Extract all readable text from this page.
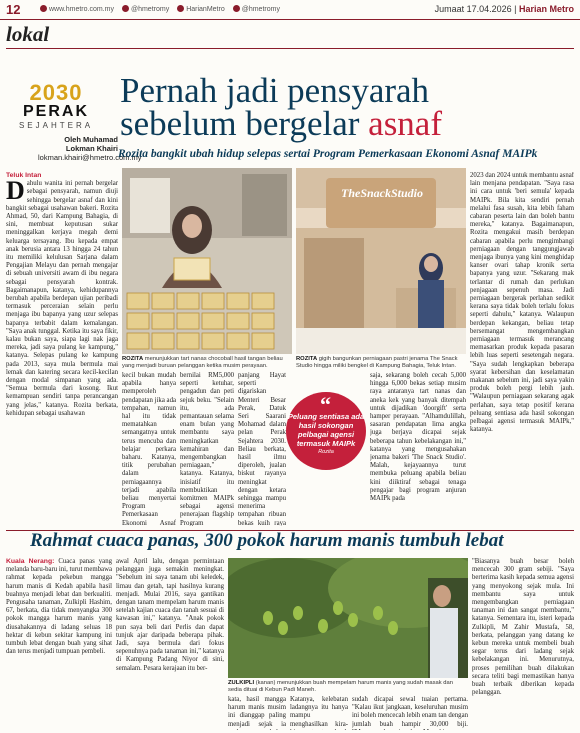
12	www.hmetro.com.my	@hmetromy	HarianMetro	@hmetromy	Jumaat 17.04.2026 | Harian Metro
lokal
2030
PERAK
SEJAHTERA
Oleh Muhamad
Lokman Khairi
lokman.khairi@hmetro.com.my
Pernah jadi pensyarah
sebelum bergelar asnaf
Rozita bangkit ubah hidup selepas sertai Program Pemerkasaan Ekonomi Asnaf MAIPk
Teluk Intan
D ahulu wanita ini pernah bergelar sebagai pensyarah, namun diuji sehingga bergelar asnaf dan kini bangkit sebagai usahawan bakeri. Rozita Ahmad, 50, dari Kampung Bahagia, di sini, membuat keputusan sukar meninggalkan kerjaya megah demi keluarga tersayang. Ibu kepada empat anak berusia antara 13 hingga 24 tahun itu memiliki kelulusan Sarjana dalam Pengajian Melayu dan pernah mengajar di sebuah universiti awam di ibu negara sebagai pensyarah kontrak. Bagaimanapun, katanya, kehidupannya berubah apabila berdepan ujian peribadi termasuk perceraian selain perlu menjaga ibu bapanya yang uzur selepas bapanya terbabit dalam kemalangan. "Saya anak tunggal. Ketika itu saya fikir, kalau bukan saya, siapa lagi nak jaga mereka, jadi saya pulang ke kampung," katanya. Selepas pulang ke kampung pada 2013, saya mula bermula mai lemak dan katering secara kecil-kecilan dengan modal simpanan yang ada. "Semua bermula dari kosong. Ikut kemampuan sendiri tanpa perancangan yang jelas," katanya. Rozita berkata, kehidupan sebagai usahawan
ROZITA menunjukkan tart nanas chocoball hasil tangan beliau yang menjadi buruan pelanggan ketika musim perayaan.
TheSnackStudio
ROZITA gigih bangunkan perniagaan pastri jenama The Snack Studio hingga miliki bengkel di Kampung Bahagia, Teluk Intan.
kecil bukan mudah apabila hanya memperoleh pendapatan jika ada tempahan, namun hal itu tidak mematahkan semangatnya untuk terus mencuba dan belajar perkara baharu. Katanya, titik perubahan dalam perniagaannya terjadi apabila beliau menyertai Program Pemerkasaan Ekonomi Asnaf
bernilai RM5,000 seperti ketuhar, pengadun dan peti sejuk beku. "Selain itu, ada pemantauan selama enam bulan yang membantu saya meningkatkan kemahiran dan mengembangkan perniagaan," katanya. Katanya, inisiatif itu membuktikan komitmen MAIPk sebagai agensi penerajaan flagship Program
panjang Hayat seperti digariskan Menteri Besar Perak, Datuk Seri Saarani Mohamad dalam pelan Perak Sejahtera 2030. Beliau berkata, hasil ilmu diperoleh, jualan biskut rayanya meningkat dengan ketara sehingga mampu menerima tempahan ribuan bekas kuih raya
saja, sekarang boleh cecah 5,000 hingga 6,000 bekas setiap musim raya antaranya tart nanas dan aneka kek yang banyak ditempah untuk dijadikan 'doorgift' serta hamper perayaan. "Alhamdulillah, sasaran pendapatan lima angka juga berjaya dicapai sejak beberapa tahun kebelakangan ini," katanya yang mengusahakan jenama bakeri 'The Snack Studio'. Malah, kejayaannya turut membuka peluang apabila beliau kini diiktiraf sebagai tenaga pengajar bagi program anjuran MAIPk pada
“
Peluang sentiasa ada hasil sokongan pelbagai agensi termasuk MAIPk
Rozita
2023 dan 2024 untuk membantu asnaf lain menjana pendapatan. "Saya rasa ini cara untuk 'beri semula' kepada MAIPk. Bila kita sendiri pernah melalui fasa susah, kita lebih faham cabaran peserta lain dan boleh bantu mereka," katanya. Bagaimanapun, Rozita mengakui masih berdepan cabaran apabila perlu mengimbangi perniagaan dengan tanggungjawab menjaga ibunya yang kini menghidap kanser ovari tahap kronik serta bapanya yang uzur. "Sekarang mak terlantar di rumah dan perlukan penjagaan sepenuh masa. Jadi perniagaan bergerak perlahan sedikit kerana saya tidak boleh terlalu fokus seperti dahulu," katanya. Walaupun berdepan kekangan, beliau tetap bersemangat mengembangkan perniagaan termasuk merancang memasarkan produk kepada pasaran lebih luas seperti sesetengah negara. "Saya sudah lengkapkan beberapa syarat kebersihan dan keselamatan makanan sebelum ini, jadi saya yakin produk boleh pergi lebih jauh. "Walaupun perniagaan sekarang agak perlahan, saya tetap positif kerana peluang sentiasa ada hasil sokongan pelbagai agensi termasuk MAIPk," katanya.
Rahmat cuaca panas, 300 pokok harum manis tumbuh lebat
Kuala Nerang: Cuaca panas yang melanda baru-baru ini, turut membawa rahmat kepada pekebun mangga harum manis di Kedah apabila hasil buahnya menjadi lebat dan berkualiti. Pengusaha tanaman, Zulkipli Hashim, 67, berkata, dia tidak menyangka 300 pokok mangga harum manis yang diusahakannya di ladang seluas 18 hektar di kebun sekitar kampung ini tumbuh lebat dengan buah yang sihat dan terus menjadi tumpuan pembeli.
awal April lalu, dengan permintaan pelanggan juga semakin meningkat. "Sebelum ini saya tanam ubi keledek, limau dan getah, tapi hasilnya kurang menjadi. Mulai 2016, saya gantikan dengan tanam mempelam harum manis setelah kajian cuaca dan tanah sesuai di kawasan ini," katanya. "Anak pokok pun saya beli dari Perlis dan dapat tunjuk ajar daripada beberapa pihak. Jadi, saya bermula dari fokus sepenuhnya pada tanaman ini," katanya di Kampung Padang Niyor di sini, semalam. Pesara kerajaan itu ber-
ZULKIPLI (kanan) menunjukkan buah mempelam harum manis yang sudah masak dan sedia dituai di Kebun Padi Maneh.
kata, hasil mangga harum manis musim ini dianggap paling menjadi sejak ia
Katanya, kelebatan ladangnya itu hanya mampu menghasilkan kira-
"Biasanya buah besar boleh mencecah 300 gram sebiji. "Saya berterima kasih kepada semua agensi yang menyokong sejak mula. Ini membantu saya untuk mengembangkan perniagaan tanaman ini dan sangat membantu," katanya. Sementara itu, isteri kepada Zulkipli, M Zahir Mustafa, 58, berkata, pelanggan yang datang ke kebun mereka untuk membeli buah segar terus dari ladang sejak kebelakangan ini. Menurutnya, proses pemilihan buah dilakukan secara teliti bagi memastikan hanya buah terbaik diberikan kepada pelanggan.
sudah dicapai sewal tuaian pertama. "Kalau ikut jangkaan, keseluruhan musim ini boleh mencecah lebih enam tan dengan jumlah buah hampir 30,000 biji.
